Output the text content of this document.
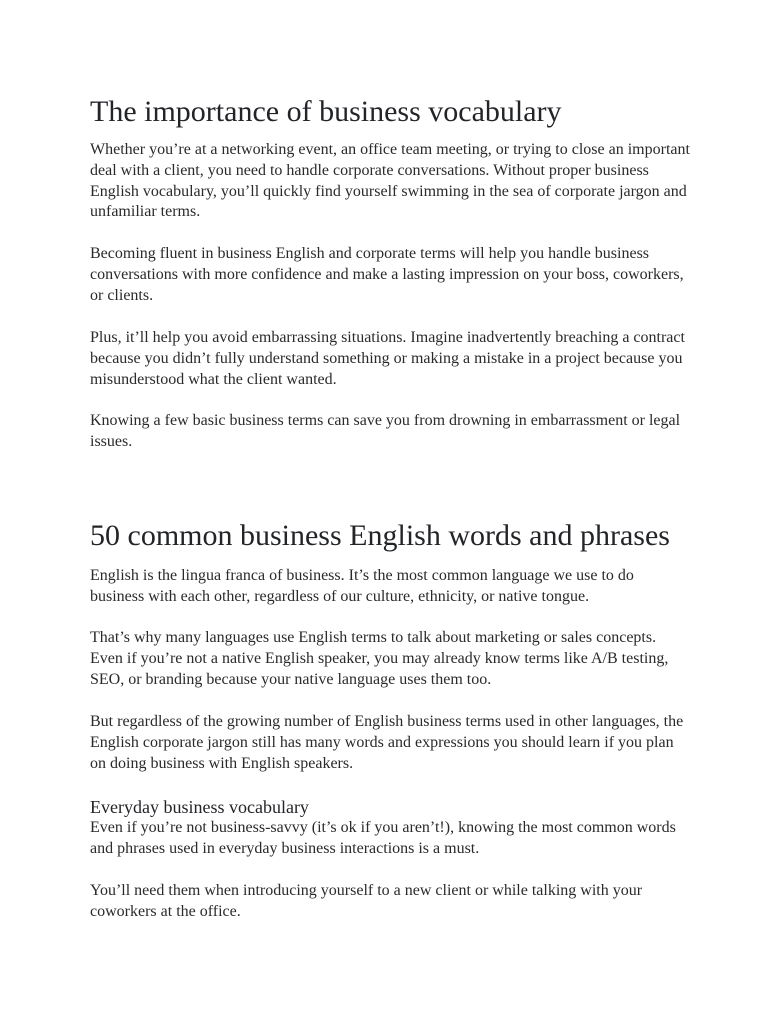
The importance of business vocabulary

Whether you’re at a networking event, an office team meeting, or trying to close an important deal with a client, you need to handle corporate conversations. Without proper business English vocabulary, you’ll quickly find yourself swimming in the sea of corporate jargon and unfamiliar terms.

Becoming fluent in business English and corporate terms will help you handle business conversations with more confidence and make a lasting impression on your boss, coworkers, or clients.

Plus, it’ll help you avoid embarrassing situations. Imagine inadvertently breaching a contract because you didn’t fully understand something or making a mistake in a project because you misunderstood what the client wanted.

Knowing a few basic business terms can save you from drowning in embarrassment or legal issues.

50 common business English words and phrases

English is the lingua franca of business. It’s the most common language we use to do business with each other, regardless of our culture, ethnicity, or native tongue.

That’s why many languages use English terms to talk about marketing or sales concepts. Even if you’re not a native English speaker, you may already know terms like A/B testing, SEO, or branding because your native language uses them too.

But regardless of the growing number of English business terms used in other languages, the English corporate jargon still has many words and expressions you should learn if you plan on doing business with English speakers.

Everyday business vocabulary

Even if you’re not business-savvy (it’s ok if you aren’t!), knowing the most common words and phrases used in everyday business interactions is a must.

You’ll need them when introducing yourself to a new client or while talking with your coworkers at the office.
